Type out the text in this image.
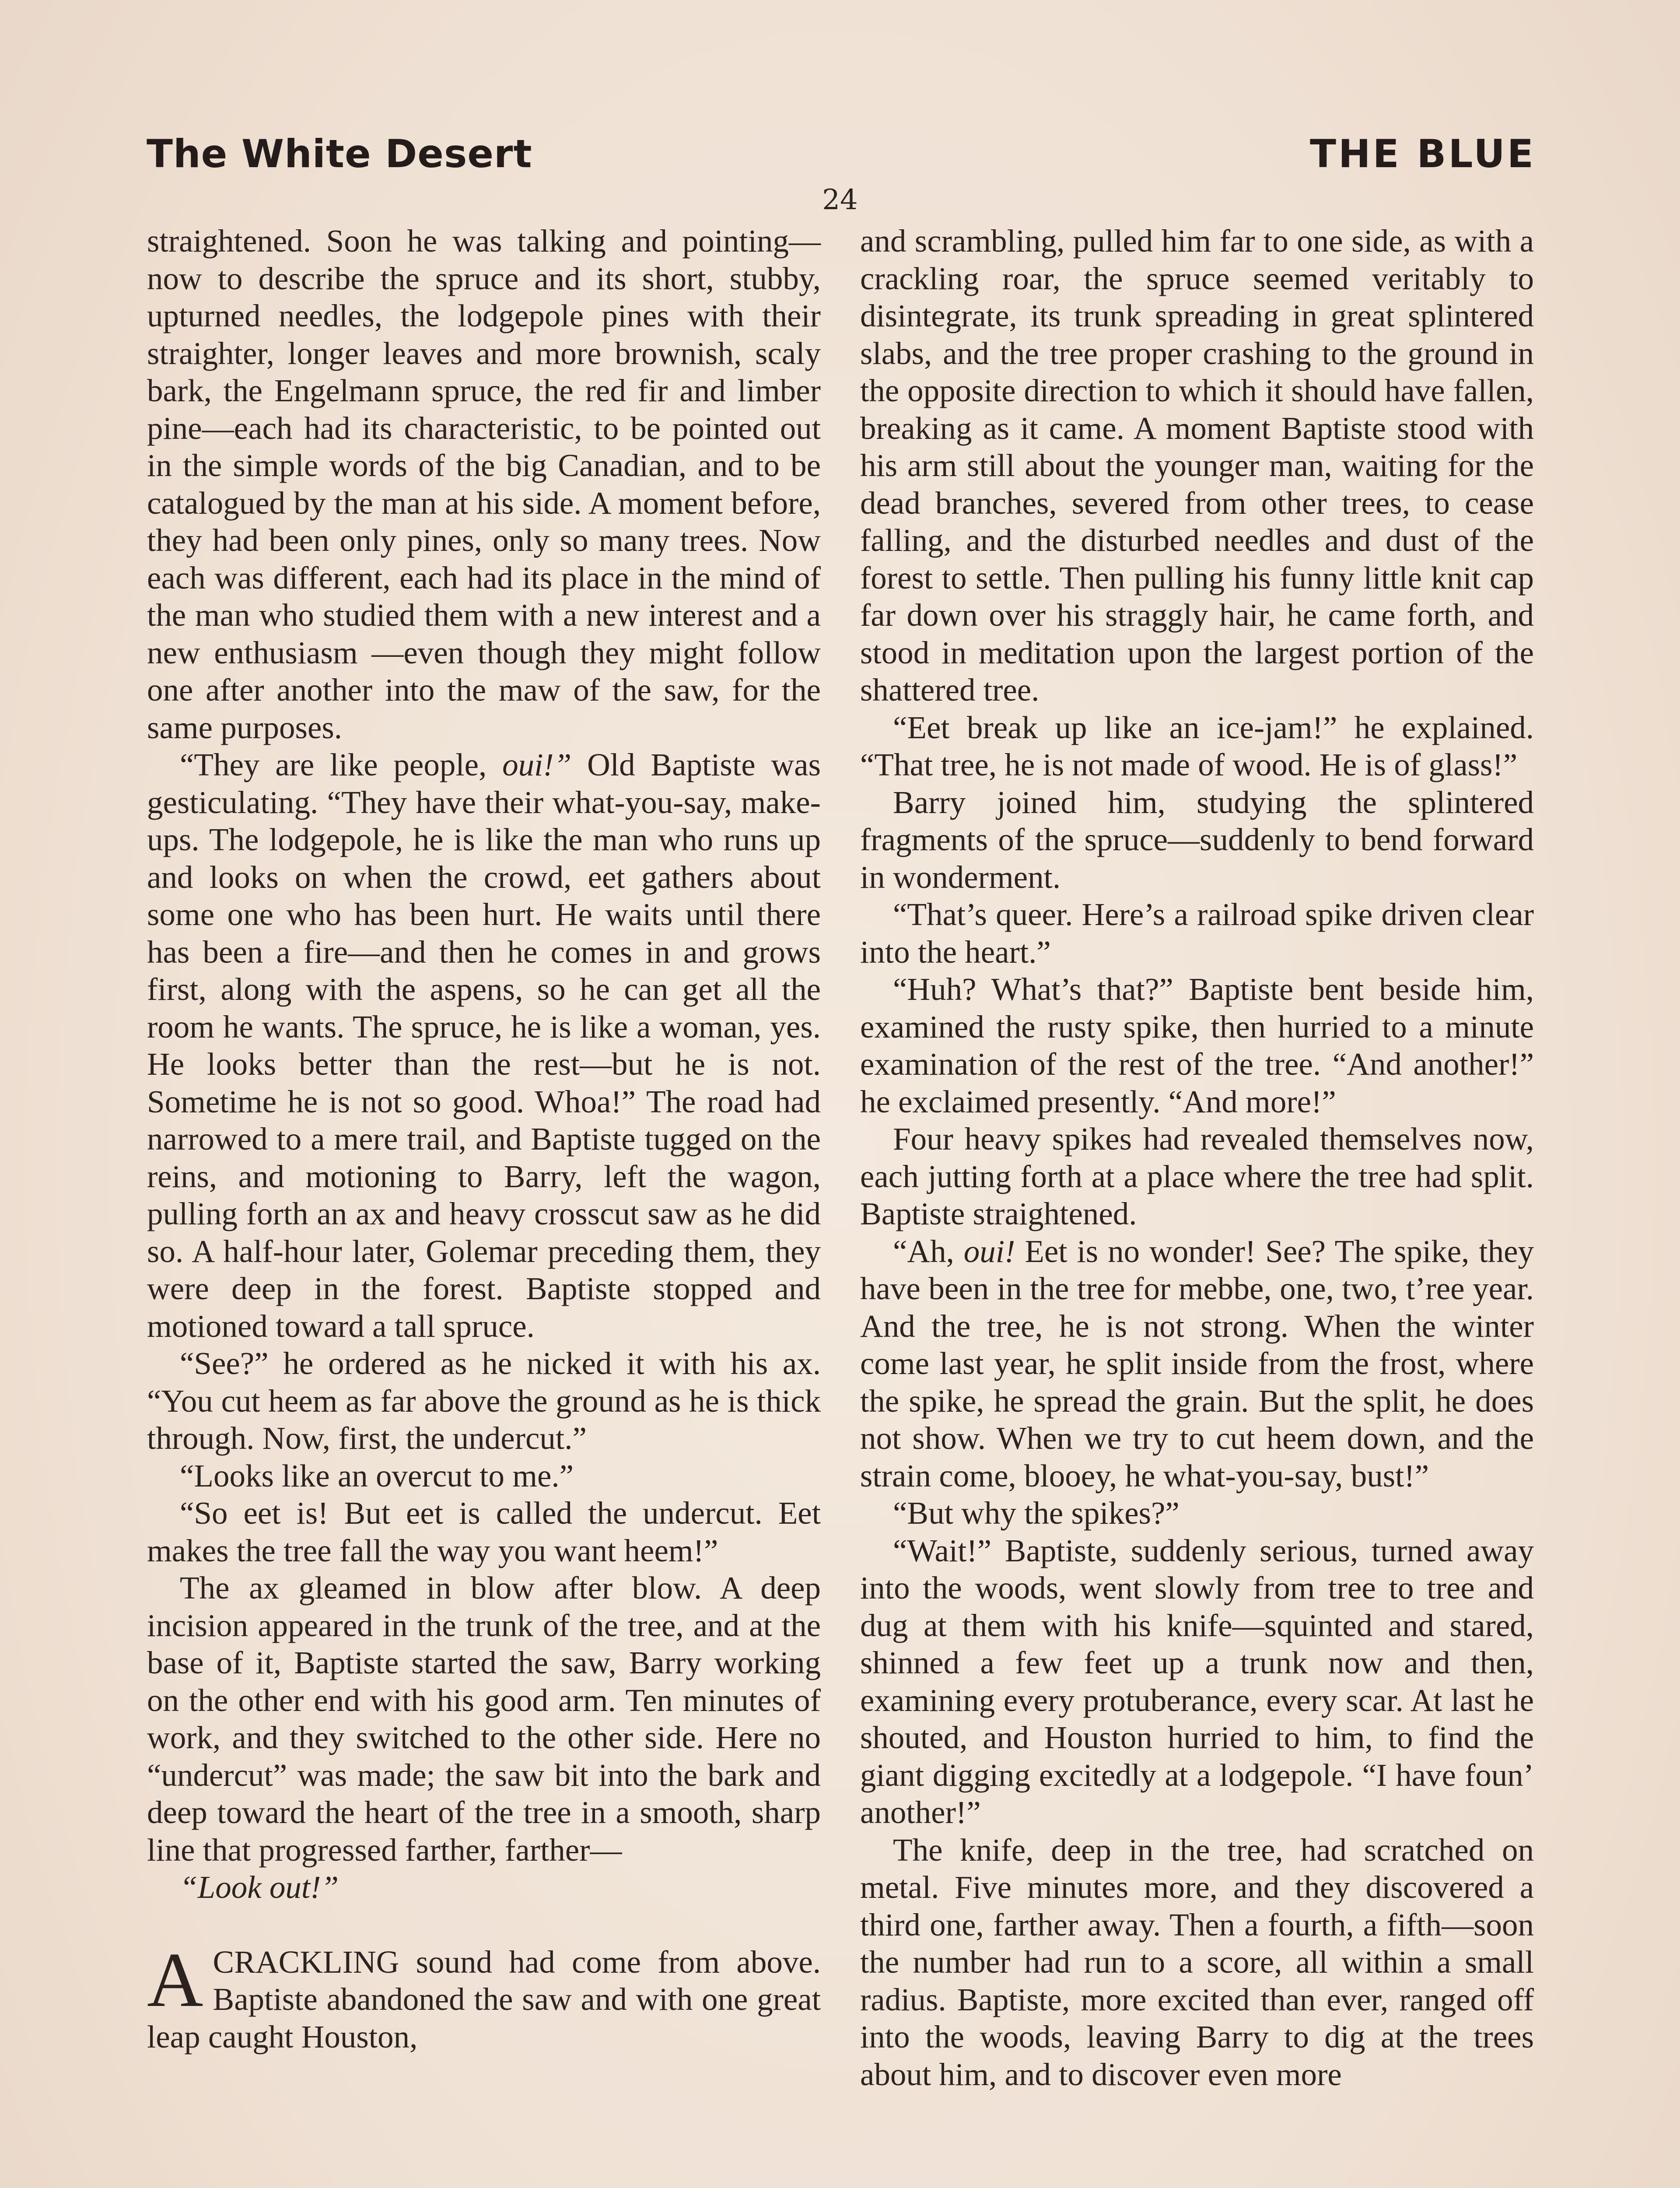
The White Desert	THE BLUE
24

straightened. Soon he was talking and pointing—now to describe the spruce and its short, stubby, upturned needles, the lodgepole pines with their straighter, longer leaves and more brownish, scaly bark, the Engelmann spruce, the red fir and limber pine—each had its characteristic, to be pointed out in the simple words of the big Canadian, and to be catalogued by the man at his side. A moment before, they had been only pines, only so many trees. Now each was different, each had its place in the mind of the man who studied them with a new interest and a new enthusiasm —even though they might follow one after another into the maw of the saw, for the same purposes.

“They are like people, oui!” Old Baptiste was gesticulating. “They have their what-you-say, make-ups. The lodgepole, he is like the man who runs up and looks on when the crowd, eet gathers about some one who has been hurt. He waits until there has been a fire—and then he comes in and grows first, along with the aspens, so he can get all the room he wants. The spruce, he is like a woman, yes. He looks better than the rest—but he is not. Sometime he is not so good. Whoa!” The road had narrowed to a mere trail, and Baptiste tugged on the reins, and motioning to Barry, left the wagon, pulling forth an ax and heavy crosscut saw as he did so. A half-hour later, Golemar preceding them, they were deep in the forest. Baptiste stopped and motioned toward a tall spruce.

“See?” he ordered as he nicked it with his ax. “You cut heem as far above the ground as he is thick through. Now, first, the undercut.”

“Looks like an overcut to me.”

“So eet is! But eet is called the undercut. Eet makes the tree fall the way you want heem!”

The ax gleamed in blow after blow. A deep incision appeared in the trunk of the tree, and at the base of it, Baptiste started the saw, Barry working on the other end with his good arm. Ten minutes of work, and they switched to the other side. Here no “undercut” was made; the saw bit into the bark and deep toward the heart of the tree in a smooth, sharp line that progressed farther, farther—

“Look out!”

ACRACKLING sound had come from above. Baptiste abandoned the saw and with one great leap caught Houston,

and scrambling, pulled him far to one side, as with a crackling roar, the spruce seemed veritably to disintegrate, its trunk spreading in great splintered slabs, and the tree proper crashing to the ground in the opposite direction to which it should have fallen, breaking as it came. A moment Baptiste stood with his arm still about the younger man, waiting for the dead branches, severed from other trees, to cease falling, and the disturbed needles and dust of the forest to settle. Then pulling his funny little knit cap far down over his straggly hair, he came forth, and stood in meditation upon the largest portion of the shattered tree.

“Eet break up like an ice-jam!” he explained. “That tree, he is not made of wood. He is of glass!”

Barry joined him, studying the splintered fragments of the spruce—suddenly to bend forward in wonderment.

“That’s queer. Here’s a railroad spike driven clear into the heart.”

“Huh? What’s that?” Baptiste bent beside him, examined the rusty spike, then hurried to a minute examination of the rest of the tree. “And another!” he exclaimed presently. “And more!”

Four heavy spikes had revealed themselves now, each jutting forth at a place where the tree had split. Baptiste straightened.

“Ah, oui! Eet is no wonder! See? The spike, they have been in the tree for mebbe, one, two, t’ree year. And the tree, he is not strong. When the winter come last year, he split inside from the frost, where the spike, he spread the grain. But the split, he does not show. When we try to cut heem down, and the strain come, blooey, he what-you-say, bust!”

“But why the spikes?”

“Wait!” Baptiste, suddenly serious, turned away into the woods, went slowly from tree to tree and dug at them with his knife—squinted and stared, shinned a few feet up a trunk now and then, examining every protuberance, every scar. At last he shouted, and Houston hurried to him, to find the giant digging excitedly at a lodgepole. “I have foun’ another!”

The knife, deep in the tree, had scratched on metal. Five minutes more, and they discovered a third one, farther away. Then a fourth, a fifth—soon the number had run to a score, all within a small radius. Baptiste, more excited than ever, ranged off into the woods, leaving Barry to dig at the trees about him, and to discover even more
